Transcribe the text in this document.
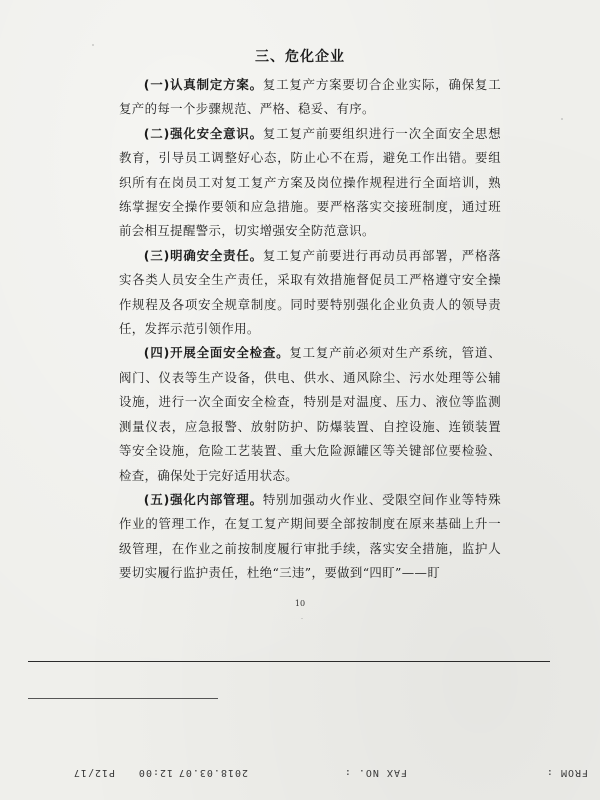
三、危化企业

(一)认真制定方案。复工复产方案要切合企业实际，确保复工复产的每一个步骤规范、严格、稳妥、有序。

(二)强化安全意识。复工复产前要组织进行一次全面安全思想教育，引导员工调整好心态，防止心不在焉，避免工作出错。要组织所有在岗员工对复工复产方案及岗位操作规程进行全面培训，熟练掌握安全操作要领和应急措施。要严格落实交接班制度，通过班前会相互提醒警示，切实增强安全防范意识。

(三)明确安全责任。复工复产前要进行再动员再部署，严格落实各类人员安全生产责任，采取有效措施督促员工严格遵守安全操作规程及各项安全规章制度。同时要特别强化企业负责人的领导责任，发挥示范引领作用。

(四)开展全面安全检查。复工复产前必须对生产系统，管道、阀门、仪表等生产设备，供电、供水、通风除尘、污水处理等公辅设施，进行一次全面安全检查，特别是对温度、压力、液位等监测测量仪表，应急报警、放射防护、防爆装置、自控设施、连锁装置等安全设施，危险工艺装置、重大危险源罐区等关键部位要检验、检查，确保处于完好适用状态。

(五)强化内部管理。特别加强动火作业、受限空间作业等特殊作业的管理工作，在复工复产期间要全部按制度在原来基础上升一级管理，在作业之前按制度履行审批手续，落实安全措施，监护人要切实履行监护责任，杜绝“三违”，要做到“四盯”——盯

10
FROM :
FAX NO. :
2018.03.07
12:00
P12/17
